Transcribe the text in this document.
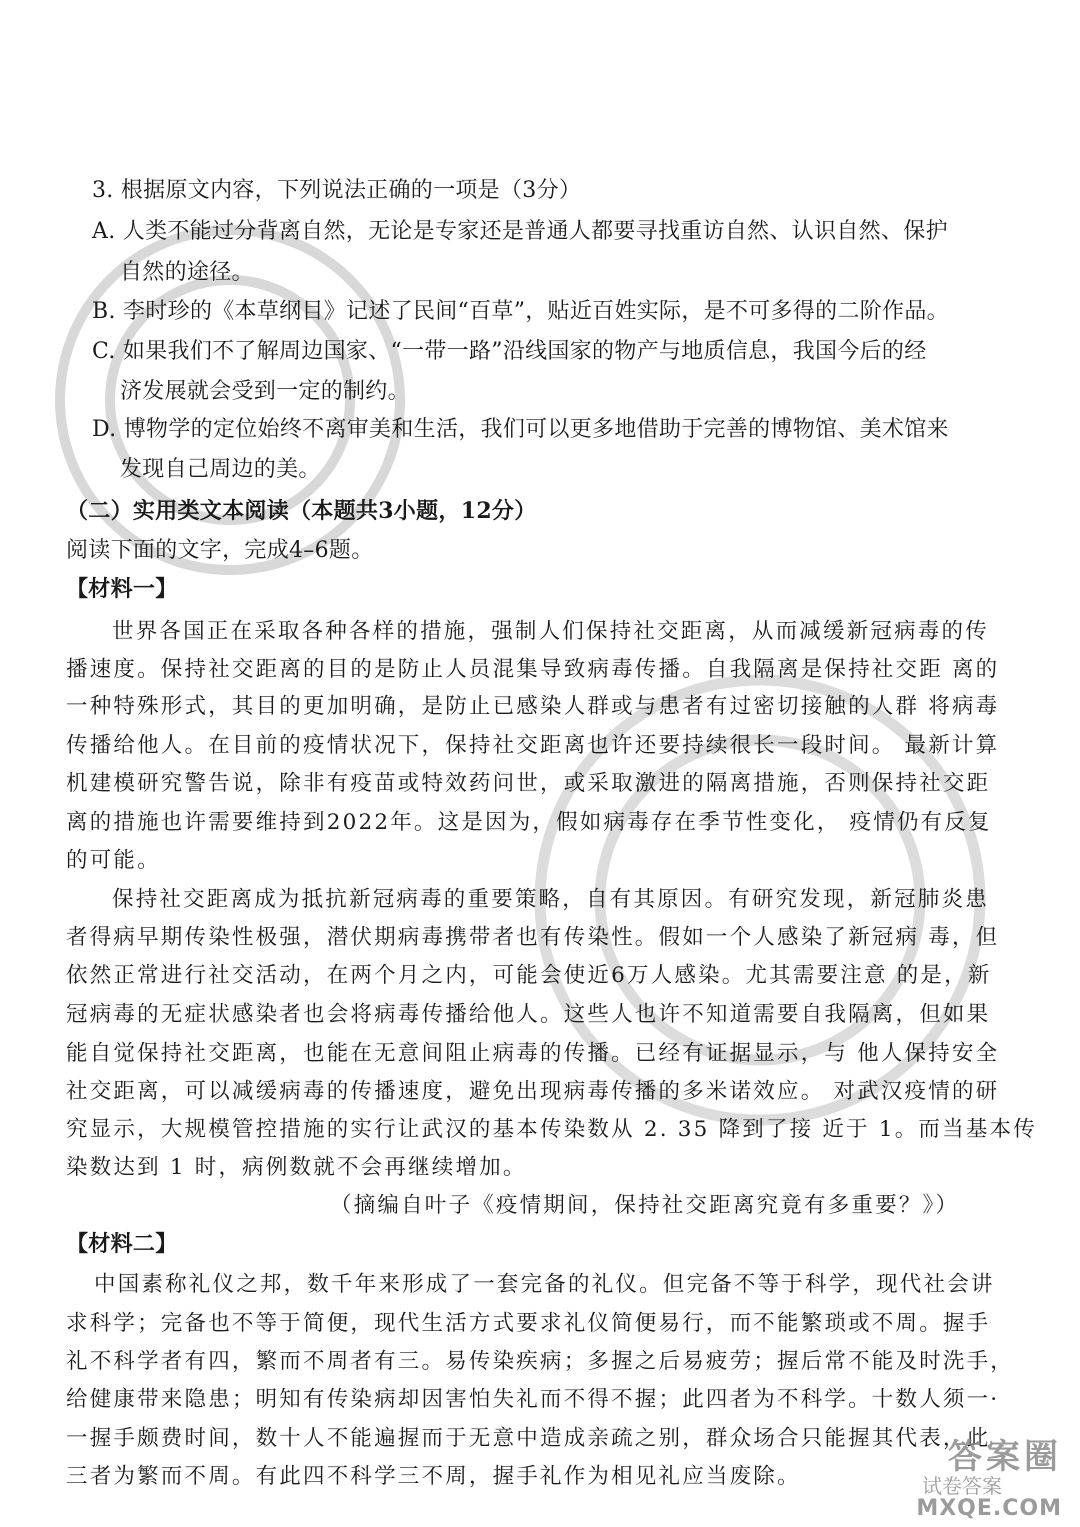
3. 根据原文内容，下列说法正确的一项是（3分）
A. 人类不能过分背离自然，无论是专家还是普通人都要寻找重访自然、认识自然、保护
自然的途径。
B. 李时珍的《本草纲目》记述了民间“百草”，贴近百姓实际，是不可多得的二阶作品。
C. 如果我们不了解周边国家、“一带一路”沿线国家的物产与地质信息，我国今后的经
济发展就会受到一定的制约。
D. 博物学的定位始终不离审美和生活，我们可以更多地借助于完善的博物馆、美术馆来
发现自己周边的美。
（二）实用类文本阅读（本题共3小题，12分）
阅读下面的文字，完成4–6题。
【材料一】
世界各国正在采取各种各样的措施，强制人们保持社交距离，从而减缓新冠病毒的传
播速度。保持社交距离的目的是防止人员混集导致病毒传播。自我隔离是保持社交距 离的
一种特殊形式，其目的更加明确，是防止已感染人群或与患者有过密切接触的人群 将病毒
传播给他人。在目前的疫情状况下，保持社交距离也许还要持续很长一段时间。 最新计算
机建模研究警告说，除非有疫苗或特效药问世，或采取激进的隔离措施，否则保持社交距
离的措施也许需要维持到2022年。这是因为，假如病毒存在季节性变化， 疫情仍有反复
的可能。
保持社交距离成为抵抗新冠病毒的重要策略，自有其原因。有研究发现，新冠肺炎患
者得病早期传染性极强，潜伏期病毒携带者也有传染性。假如一个人感染了新冠病 毒，但
依然正常进行社交活动，在两个月之内，可能会使近6万人感染。尤其需要注意 的是，新
冠病毒的无症状感染者也会将病毒传播给他人。这些人也许不知道需要自我隔离，但如果
能自觉保持社交距离，也能在无意间阻止病毒的传播。已经有证据显示，与 他人保持安全
社交距离，可以减缓病毒的传播速度，避免出现病毒传播的多米诺效应。 对武汉疫情的研
究显示，大规模管控措施的实行让武汉的基本传染数从 2. 35 降到了接 近于 1。而当基本传
染数达到 1 时，病例数就不会再继续增加。
（摘编自叶子《疫情期间，保持社交距离究竟有多重要？》）
【材料二】
中国素称礼仪之邦，数千年来形成了一套完备的礼仪。但完备不等于科学，现代社会讲
求科学；完备也不等于简便，现代生活方式要求礼仪简便易行，而不能繁琐或不周。握手
礼不科学者有四，繁而不周者有三。易传染疾病；多握之后易疲劳；握后常不能及时洗手，
给健康带来隐患；明知有传染病却因害怕失礼而不得不握；此四者为不科学。十数人须一·
一握手颇费时间，数十人不能遍握而于无意中造成亲疏之别，群众场合只能握其代表，此
三者为繁而不周。有此四不科学三不周，握手礼作为相见礼应当废除。	答案圈
试卷答案
MXQE.COM
